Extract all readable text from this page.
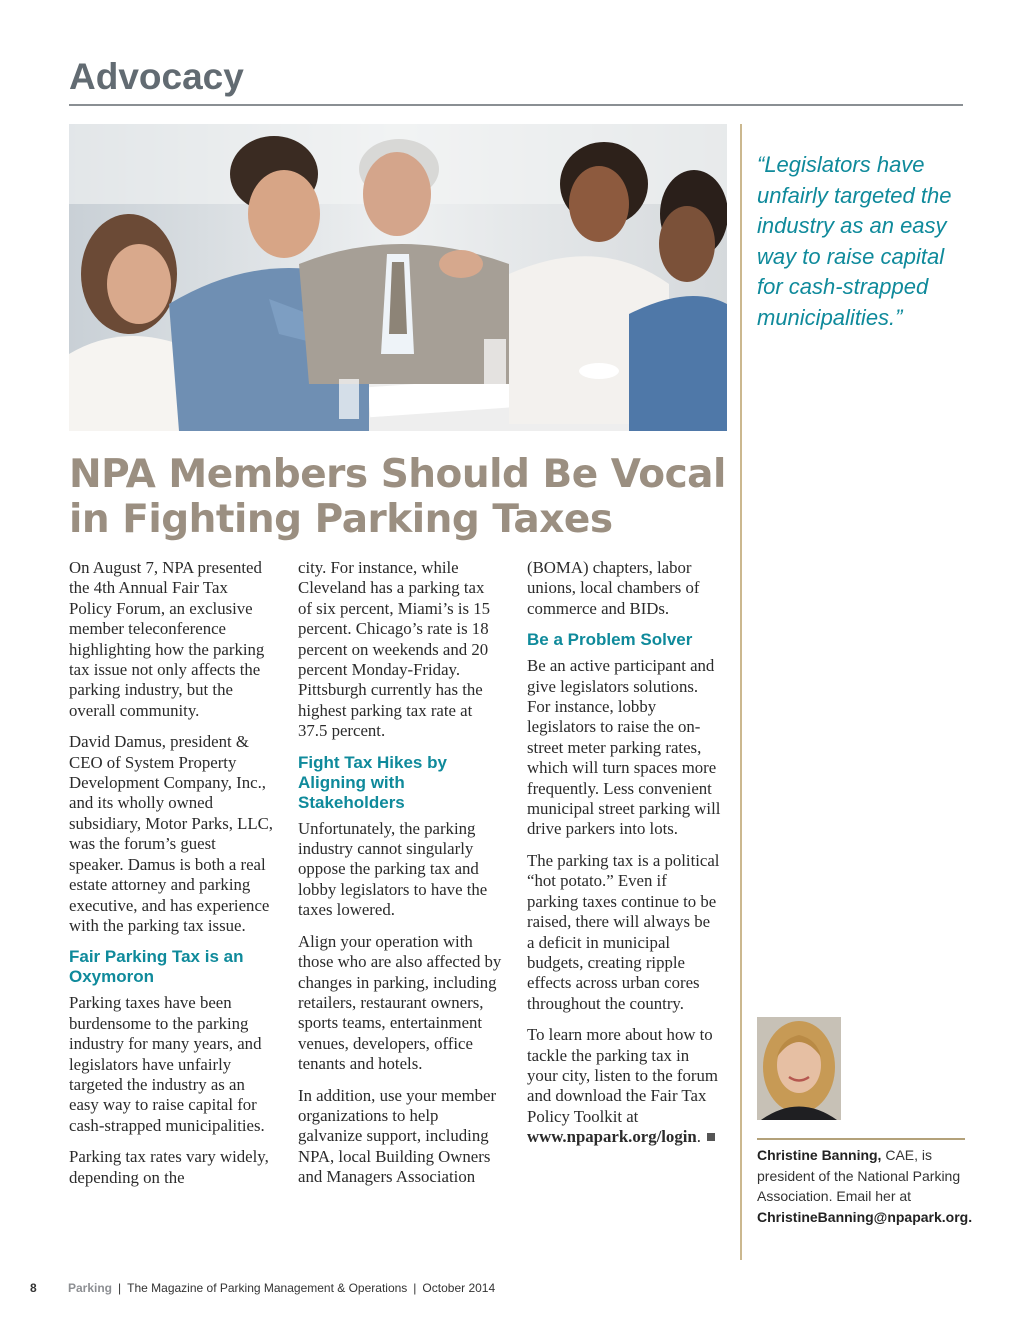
Advocacy

“Legislators have unfairly targeted the industry as an easy way to raise capital for cash-strapped municipalities.”

NPA Members Should Be Vocal in Fighting Parking Taxes

On August 7, NPA presented the 4th Annual Fair Tax Policy Forum, an exclusive member teleconference highlighting how the parking tax issue not only affects the parking industry, but the overall community.

David Damus, president & CEO of System Property Development Company, Inc., and its wholly owned subsidiary, Motor Parks, LLC, was the forum’s guest speaker. Damus is both a real estate attorney and parking executive, and has experience with the parking tax issue.

Fair Parking Tax is an Oxymoron

Parking taxes have been burdensome to the parking industry for many years, and legislators have unfairly targeted the industry as an easy way to raise capital for cash-strapped municipalities.

Parking tax rates vary widely, depending on the

city. For instance, while Cleveland has a parking tax of six percent, Miami’s is 15 percent. Chicago’s rate is 18 percent on weekends and 20 percent Monday-Friday. Pittsburgh currently has the highest parking tax rate at 37.5 percent.

Fight Tax Hikes by Aligning with Stakeholders

Unfortunately, the parking industry cannot singularly oppose the parking tax and lobby legislators to have the taxes lowered.

Align your operation with those who are also affected by changes in parking, including retailers, restaurant owners, sports teams, entertainment venues, developers, office tenants and hotels.

In addition, use your member organizations to help galvanize support, including NPA, local Building Owners and Managers Association

(BOMA) chapters, labor unions, local chambers of commerce and BIDs.

Be a Problem Solver

Be an active participant and give legislators solutions. For instance, lobby legislators to raise the on-street meter parking rates, which will turn spaces more frequently. Less convenient municipal street parking will drive parkers into lots.

The parking tax is a political “hot potato.” Even if parking taxes continue to be raised, there will always be a deficit in municipal budgets, creating ripple effects across urban cores throughout the country.

To learn more about how to tackle the parking tax in your city, listen to the forum and download the Fair Tax Policy Toolkit at www.npapark.org/login.

Christine Banning, CAE, is president of the National Parking Association. Email her at ChristineBanning@npapark.org.

8	Parking | The Magazine of Parking Management & Operations | October 2014
